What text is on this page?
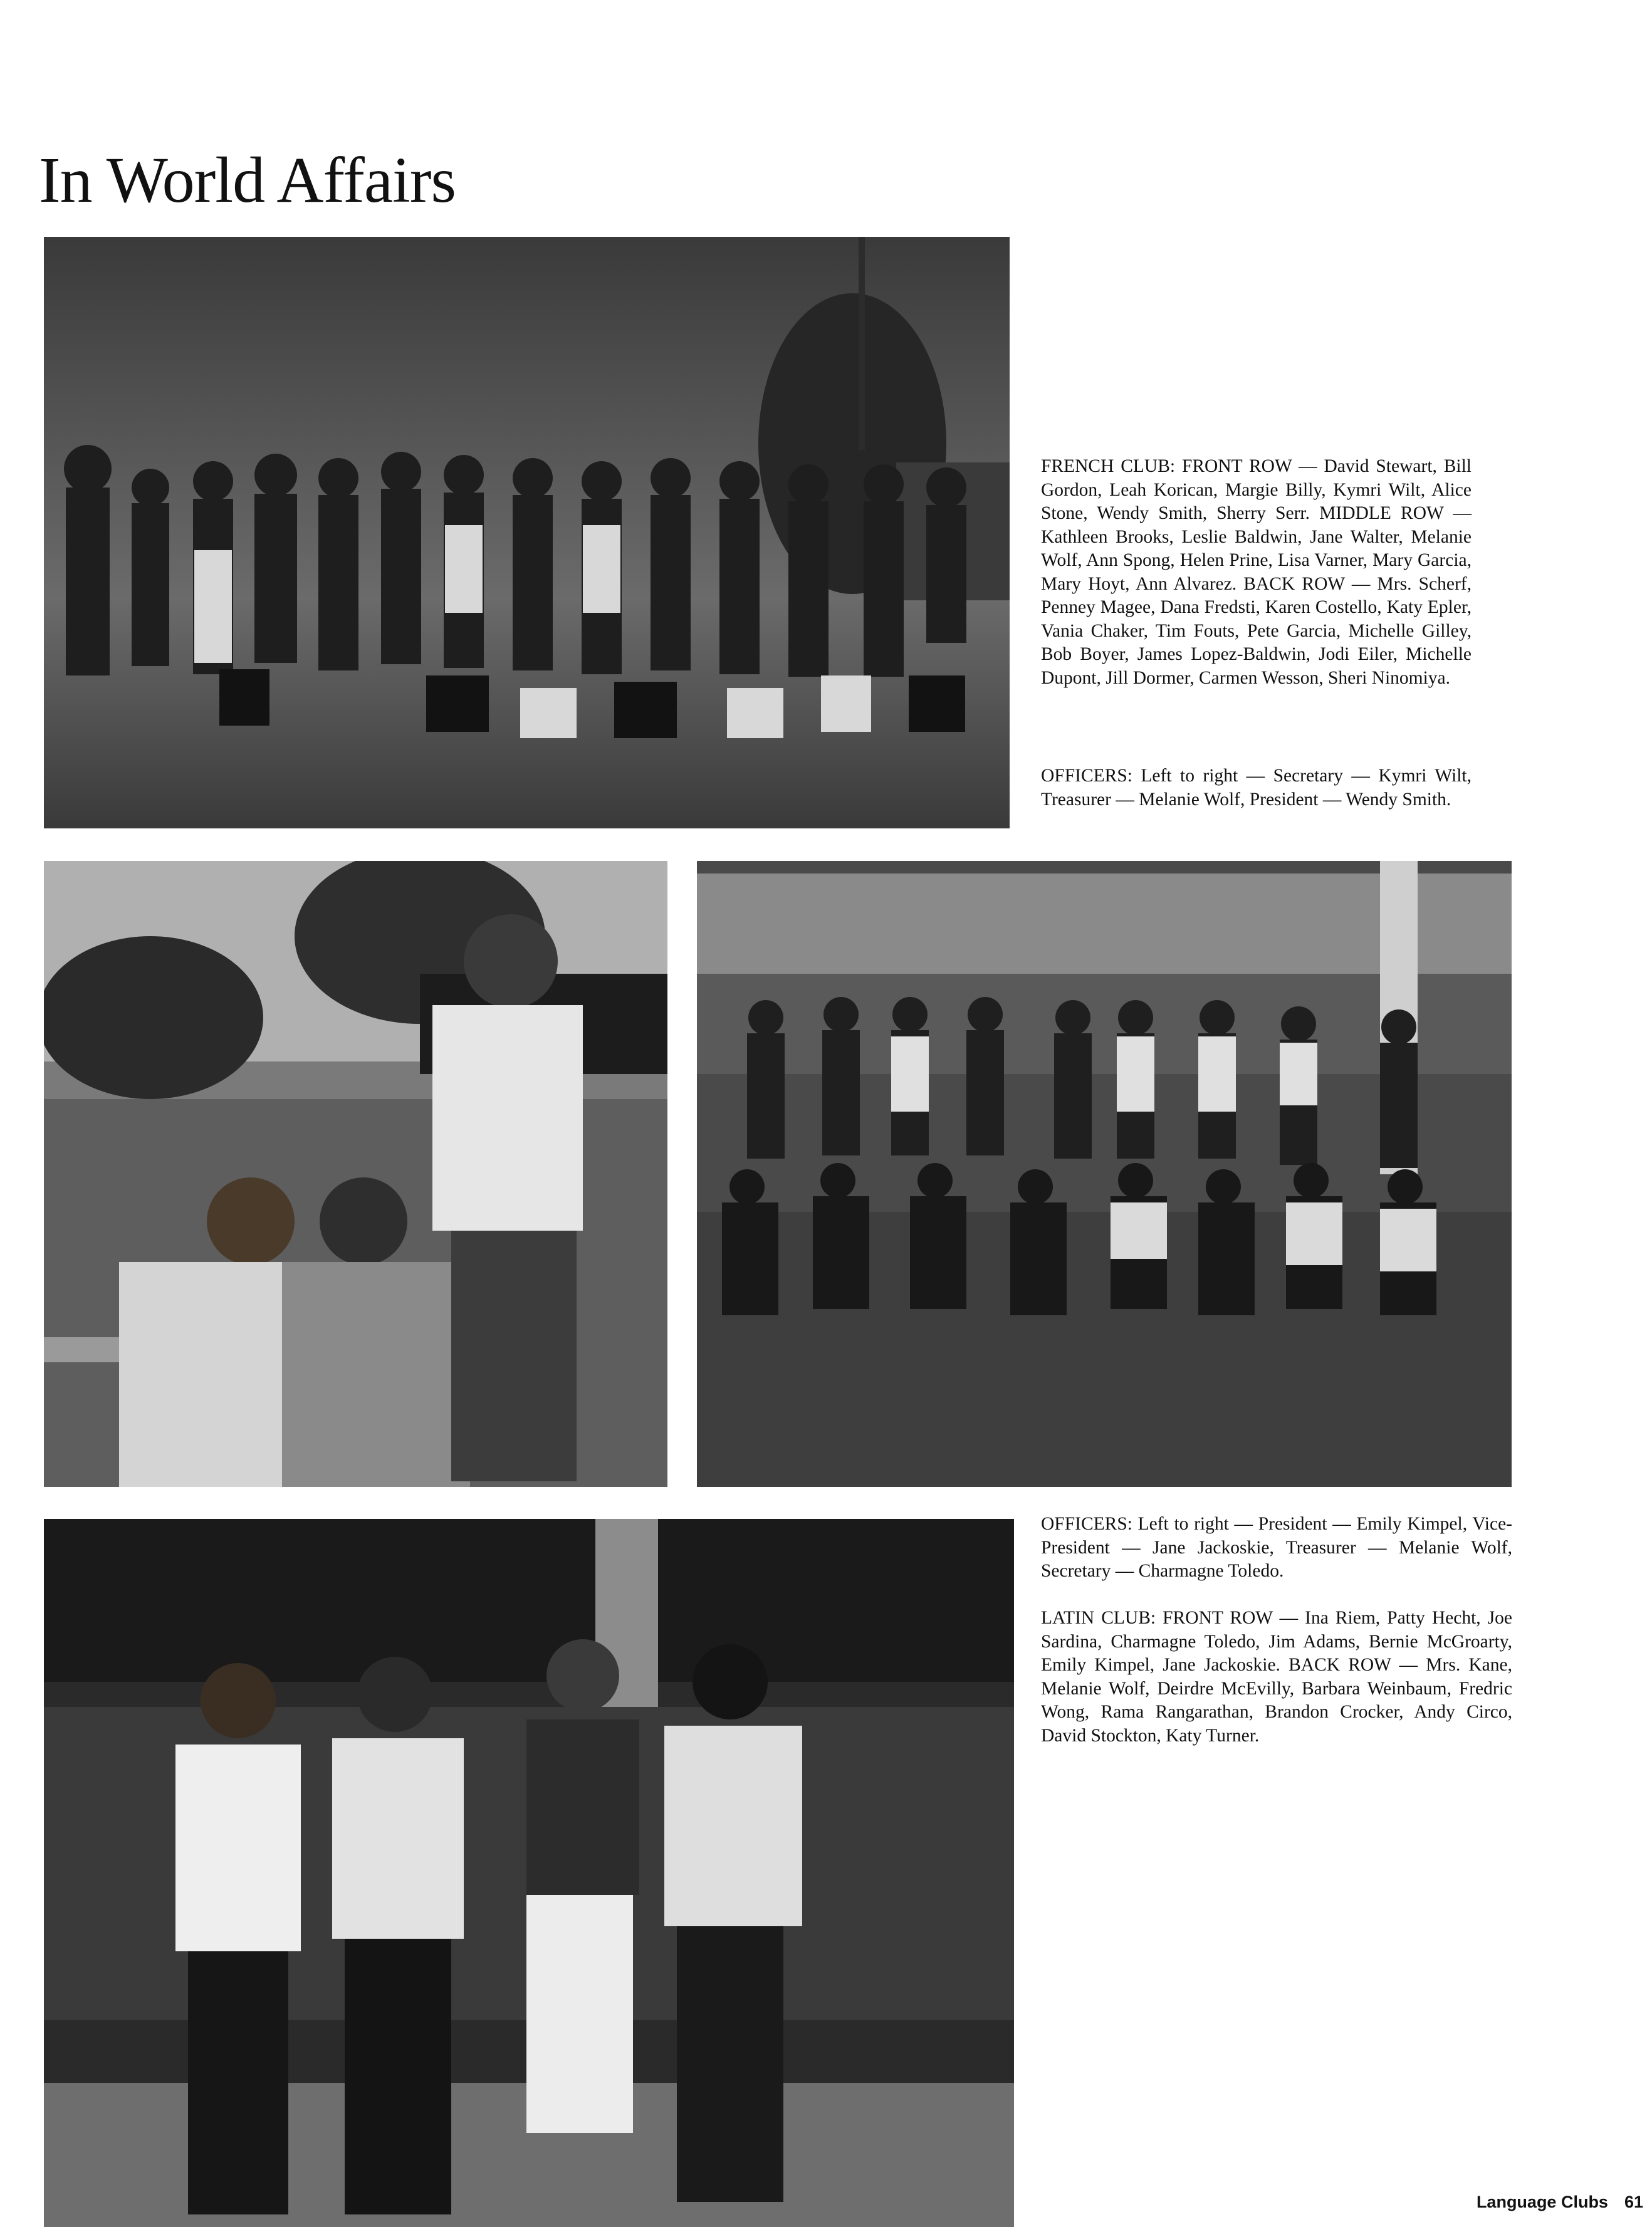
In World Affairs

FRENCH CLUB: FRONT ROW — David Stewart, Bill Gordon, Leah Korican, Margie Billy, Kymri Wilt, Alice Stone, Wendy Smith, Sherry Serr. MIDDLE ROW — Kathleen Brooks, Leslie Baldwin, Jane Walter, Melanie Wolf, Ann Spong, Helen Prine, Lisa Varner, Mary Garcia, Mary Hoyt, Ann Alvarez. BACK ROW — Mrs. Scherf, Penney Magee, Dana Fredsti, Karen Costello, Katy Epler, Vania Chaker, Tim Fouts, Pete Garcia, Michelle Gilley, Bob Boyer, James Lopez-Baldwin, Jodi Eiler, Michelle Dupont, Jill Dormer, Carmen Wesson, Sheri Ninomiya.

OFFICERS: Left to right — Secretary — Kymri Wilt, Treasurer — Melanie Wolf, President — Wendy Smith.

OFFICERS: Left to right — President — Emily Kimpel, Vice-President — Jane Jackoskie, Treasurer — Melanie Wolf, Secretary — Charmagne Toledo.

LATIN CLUB: FRONT ROW — Ina Riem, Patty Hecht, Joe Sardina, Charmagne Toledo, Jim Adams, Bernie McGroarty, Emily Kimpel, Jane Jackoskie. BACK ROW — Mrs. Kane, Melanie Wolf, Deirdre McEvilly, Barbara Weinbaum, Fredric Wong, Rama Rangarathan, Brandon Crocker, Andy Circo, David Stockton, Katy Turner.

Language Clubs 61
